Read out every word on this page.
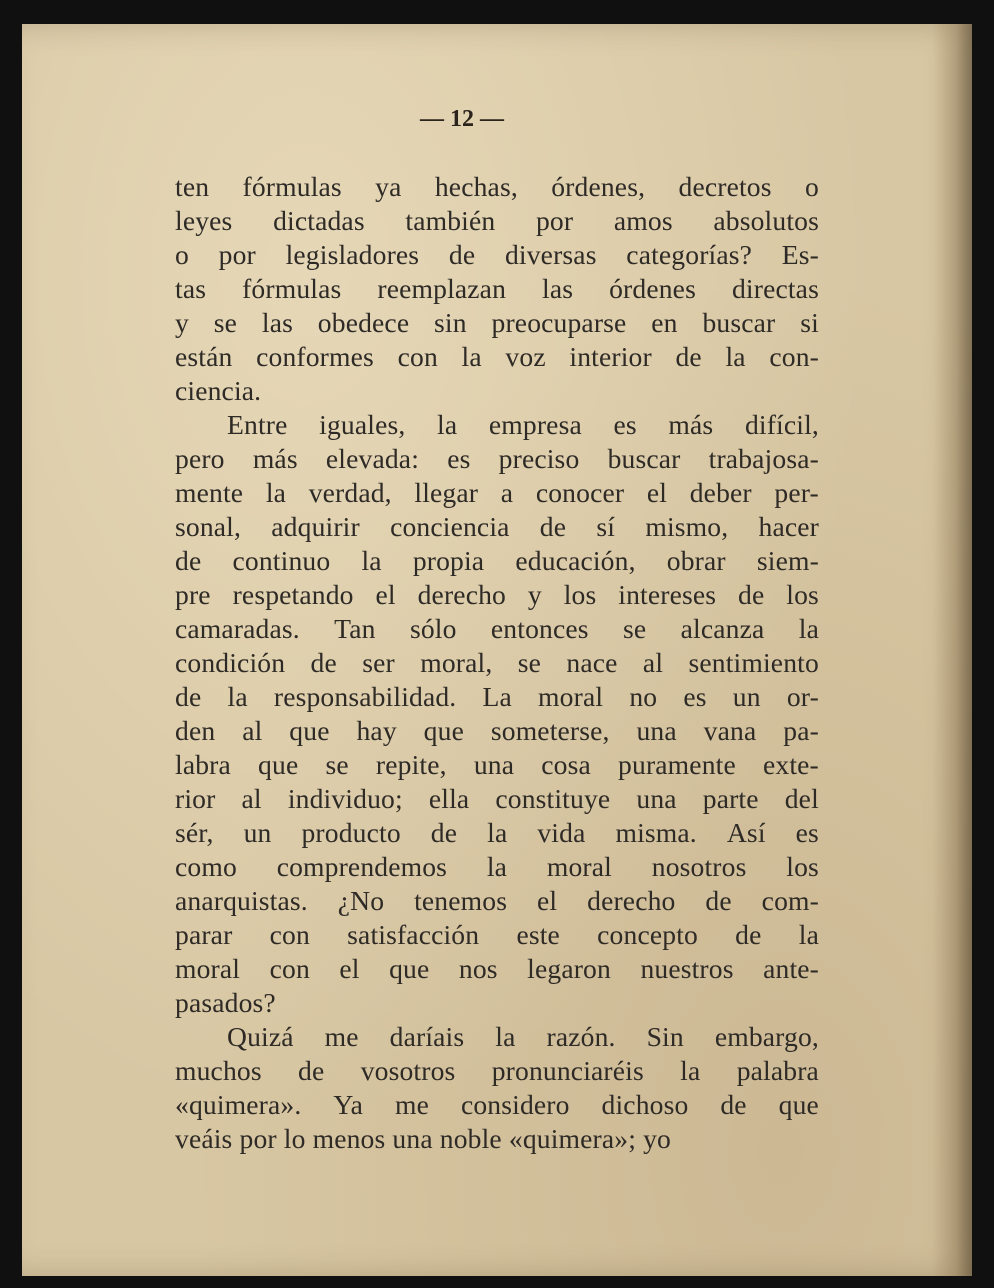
— 12 —
ten fórmulas ya hechas, órdenes, decretos o
leyes dictadas también por amos absolutos
o por legisladores de diversas categorías? Es-
tas fórmulas reemplazan las órdenes directas
y se las obedece sin preocuparse en buscar si
están conformes con la voz interior de la con-
ciencia.
Entre iguales, la empresa es más difícil,
pero más elevada: es preciso buscar trabajosa-
mente la verdad, llegar a conocer el deber per-
sonal, adquirir conciencia de sí mismo, hacer
de continuo la propia educación, obrar siem-
pre respetando el derecho y los intereses de los
camaradas. Tan sólo entonces se alcanza la
condición de ser moral, se nace al sentimiento
de la responsabilidad. La moral no es un or-
den al que hay que someterse, una vana pa-
labra que se repite, una cosa puramente exte-
rior al individuo; ella constituye una parte del
sér, un producto de la vida misma. Así es
como comprendemos la moral nosotros los
anarquistas. ¿No tenemos el derecho de com-
parar con satisfacción este concepto de la
moral con el que nos legaron nuestros ante-
pasados?
Quizá me daríais la razón. Sin embargo,
muchos de vosotros pronunciaréis la palabra
«quimera». Ya me considero dichoso de que
veáis por lo menos una noble «quimera»; yo
